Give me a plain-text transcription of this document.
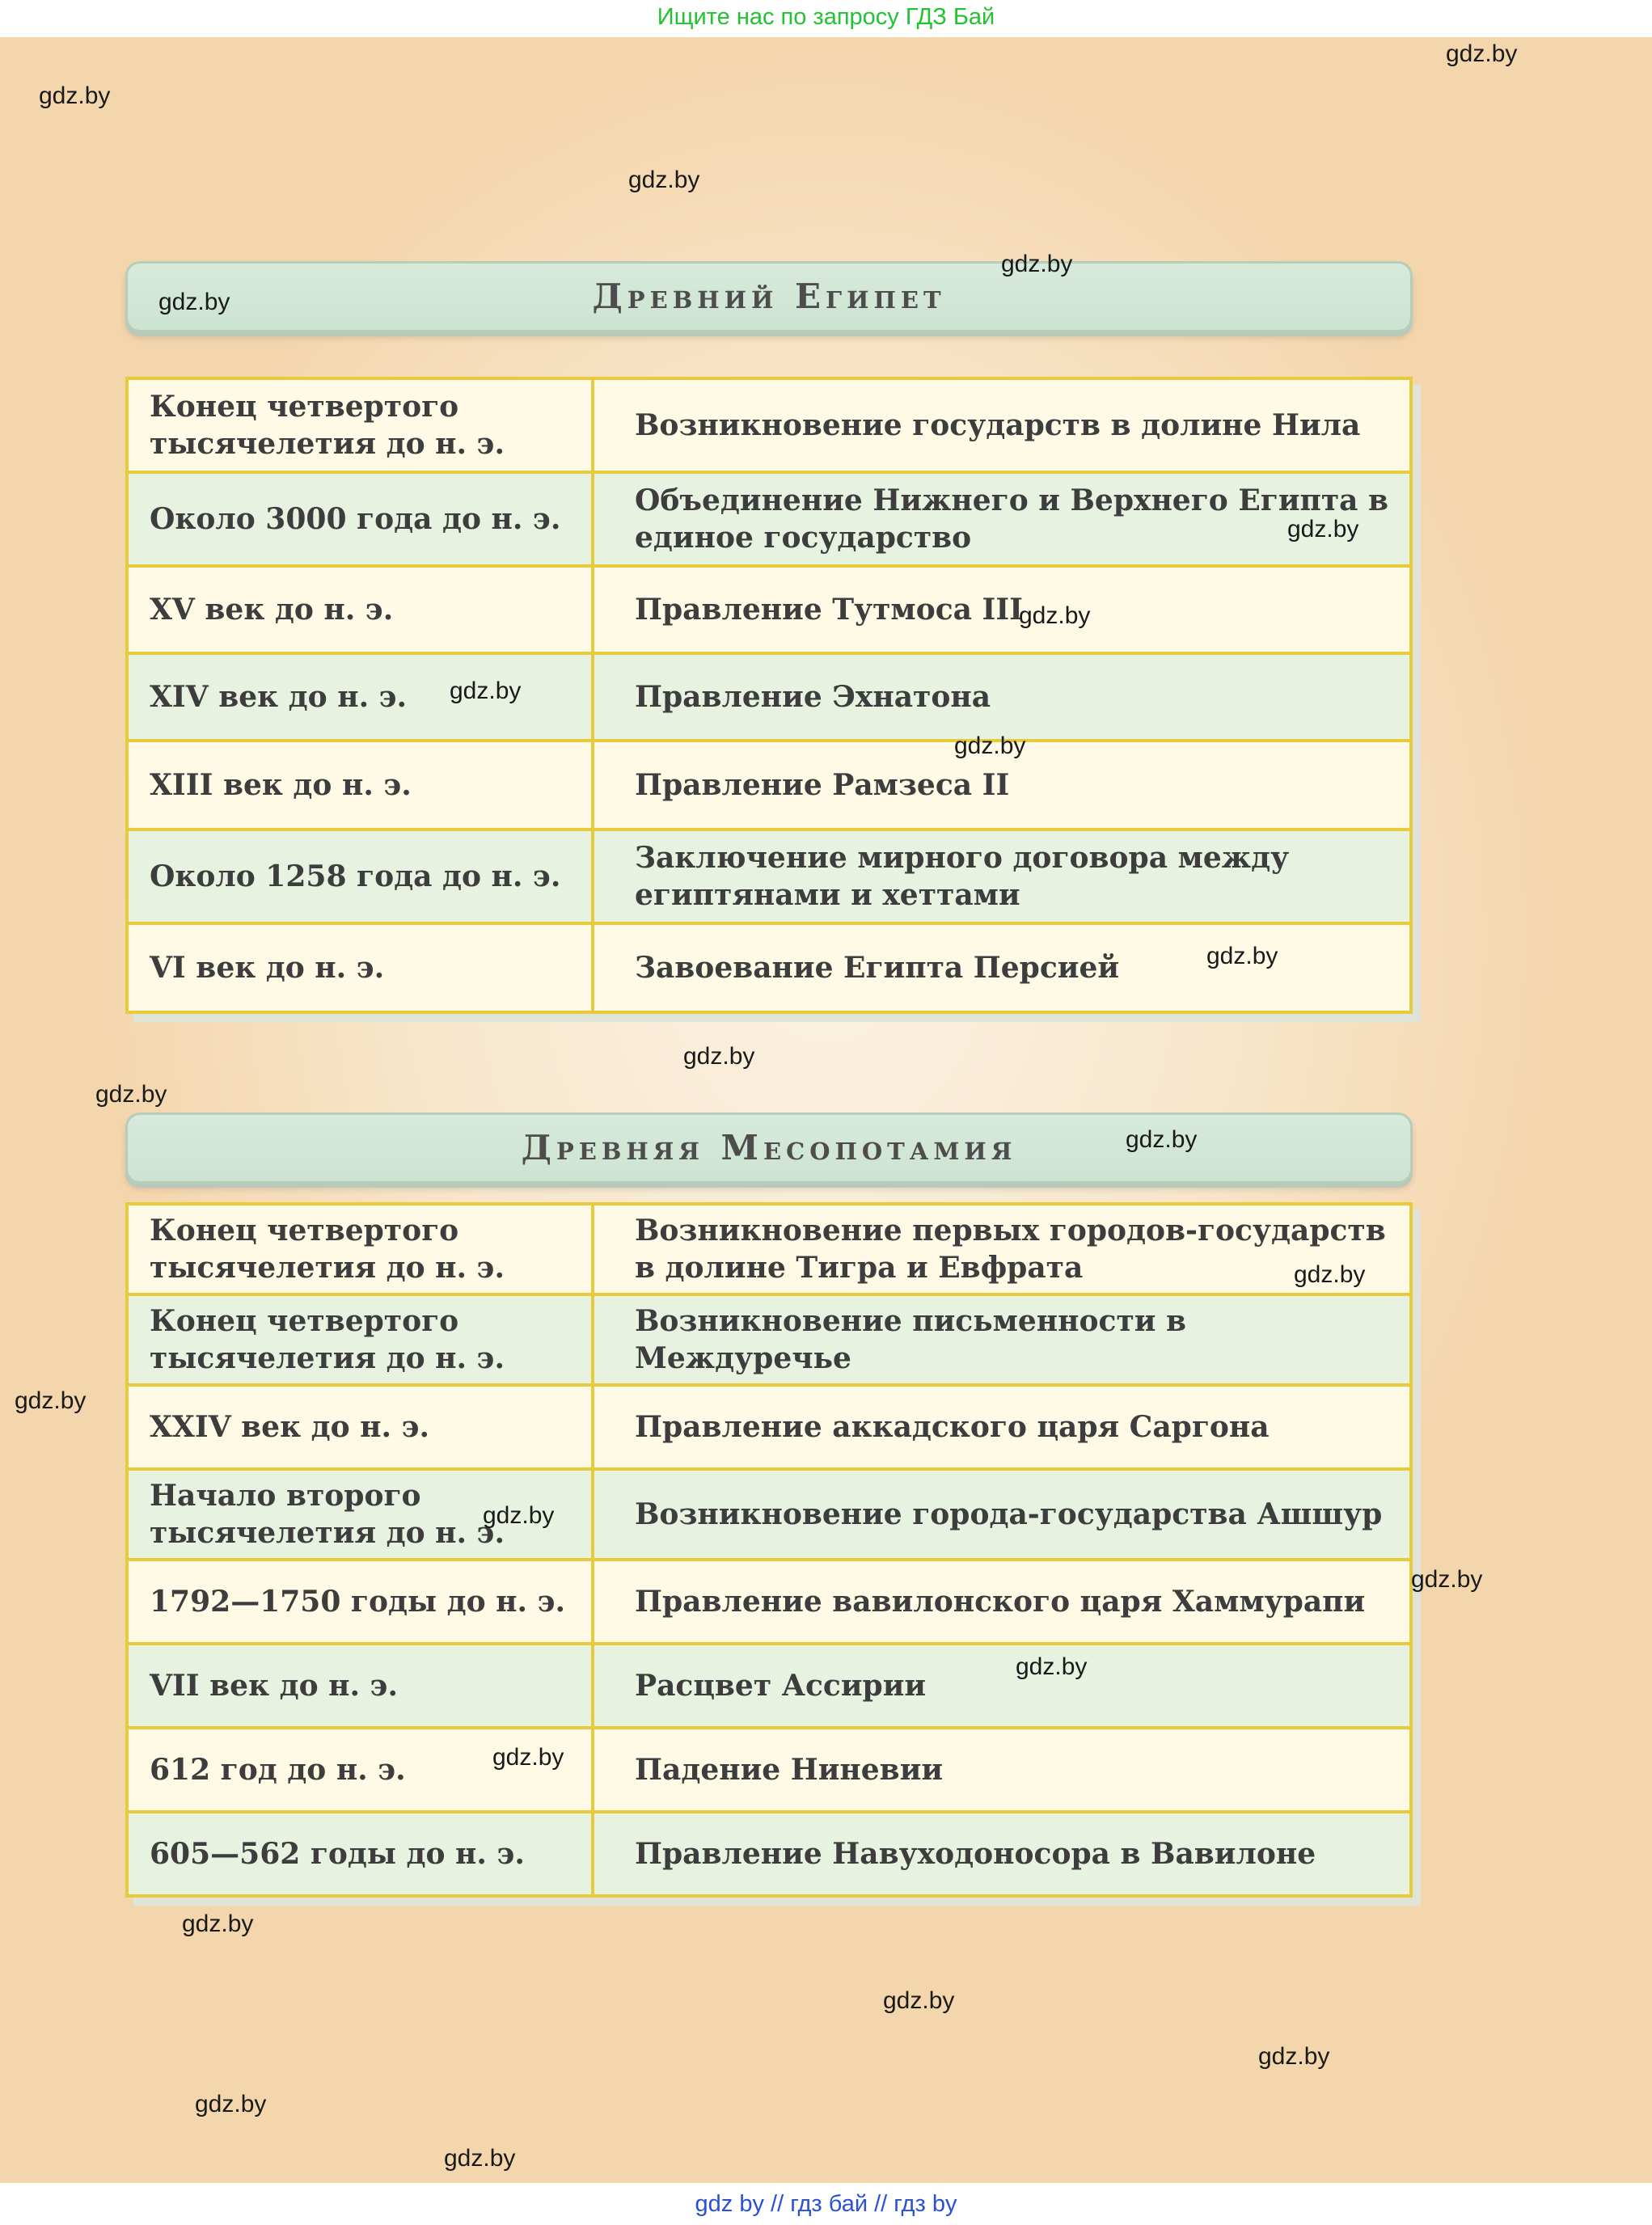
Ищите нас по запросу ГДЗ Бай
Древний Египет
Конец четвертого тысячелетия до н. э.	Возникновение государств в долине Нила
Около 3000 года до н. э.	Объединение Нижнего и Верхнего Египта в единое государство
XV век до н. э.	Правление Тутмоса III
XIV век до н. э.	Правление Эхнатона
XIII век до н. э.	Правление Рамзеса II
Около 1258 года до н. э.	Заключение мирного договора между египтянами и хеттами
VI век до н. э.	Завоевание Египта Персией
Древняя Месопотамия
Конец четвертого тысячелетия до н. э.	Возникновение первых городов-государств в долине Тигра и Евфрата
Конец четвертого тысячелетия до н. э.	Возникновение письменности в Междуречье
XXIV век до н. э.	Правление аккадского царя Саргона
Начало второго тысячелетия до н. э.	Возникновение города-государства Ашшур
1792—1750 годы до н. э.	Правление вавилонского царя Хаммурапи
VII век до н. э.	Расцвет Ассирии
612 год до н. э.	Падение Ниневии
605—562 годы до н. э.	Правление Навуходоносора в Вавилоне
gdz.by
gdz.by
gdz.by
gdz.by
gdz.by
gdz.by
gdz.by
gdz.by
gdz.by
gdz.by
gdz.by
gdz.by
gdz.by
gdz.by
gdz.by
gdz.by
gdz.by
gdz.by
gdz.by
gdz.by
gdz.by
gdz.by
gdz.by
gdz.by
gdz by // гдз бай // гдз by
